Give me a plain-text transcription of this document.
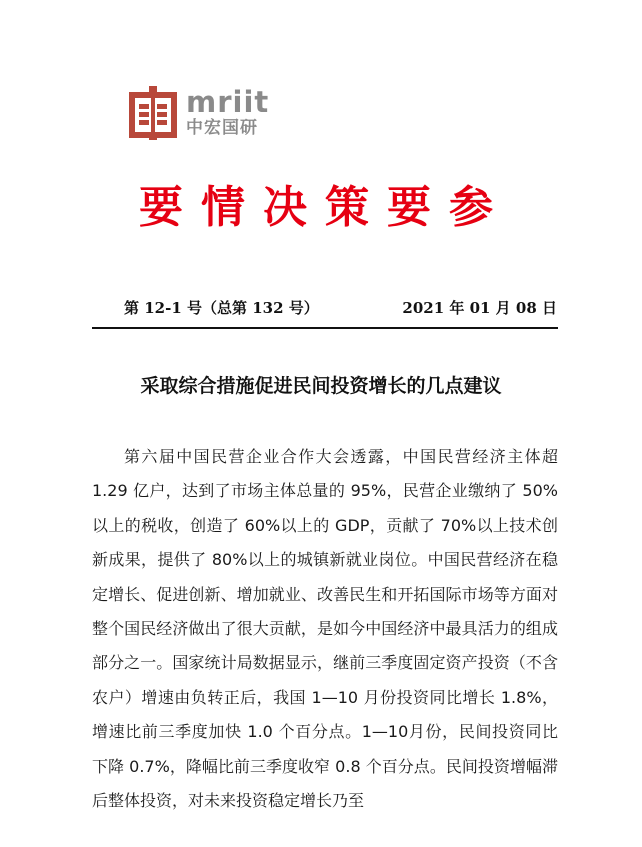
mriit
中宏国研
要情决策要参
第 12-1 号（总第 132 号）	2021 年 01 月 08 日
采取综合措施促进民间投资增长的几点建议

第六届中国民营企业合作大会透露，中国民营经济主体超1.29 亿户，达到了市场主体总量的 95%，民营企业缴纳了 50%以上的税收，创造了 60%以上的 GDP，贡献了 70%以上技术创新成果，提供了 80%以上的城镇新就业岗位。中国民营经济在稳定增长、促进创新、增加就业、改善民生和开拓国际市场等方面对整个国民经济做出了很大贡献，是如今中国经济中最具活力的组成部分之一。国家统计局数据显示，继前三季度固定资产投资（不含农户）增速由负转正后，我国 1—10 月份投资同比增长 1.8%，增速比前三季度加快 1.0 个百分点。1—10月份，民间投资同比下降 0.7%，降幅比前三季度收窄 0.8 个百分点。民间投资增幅滞后整体投资，对未来投资稳定增长乃至
